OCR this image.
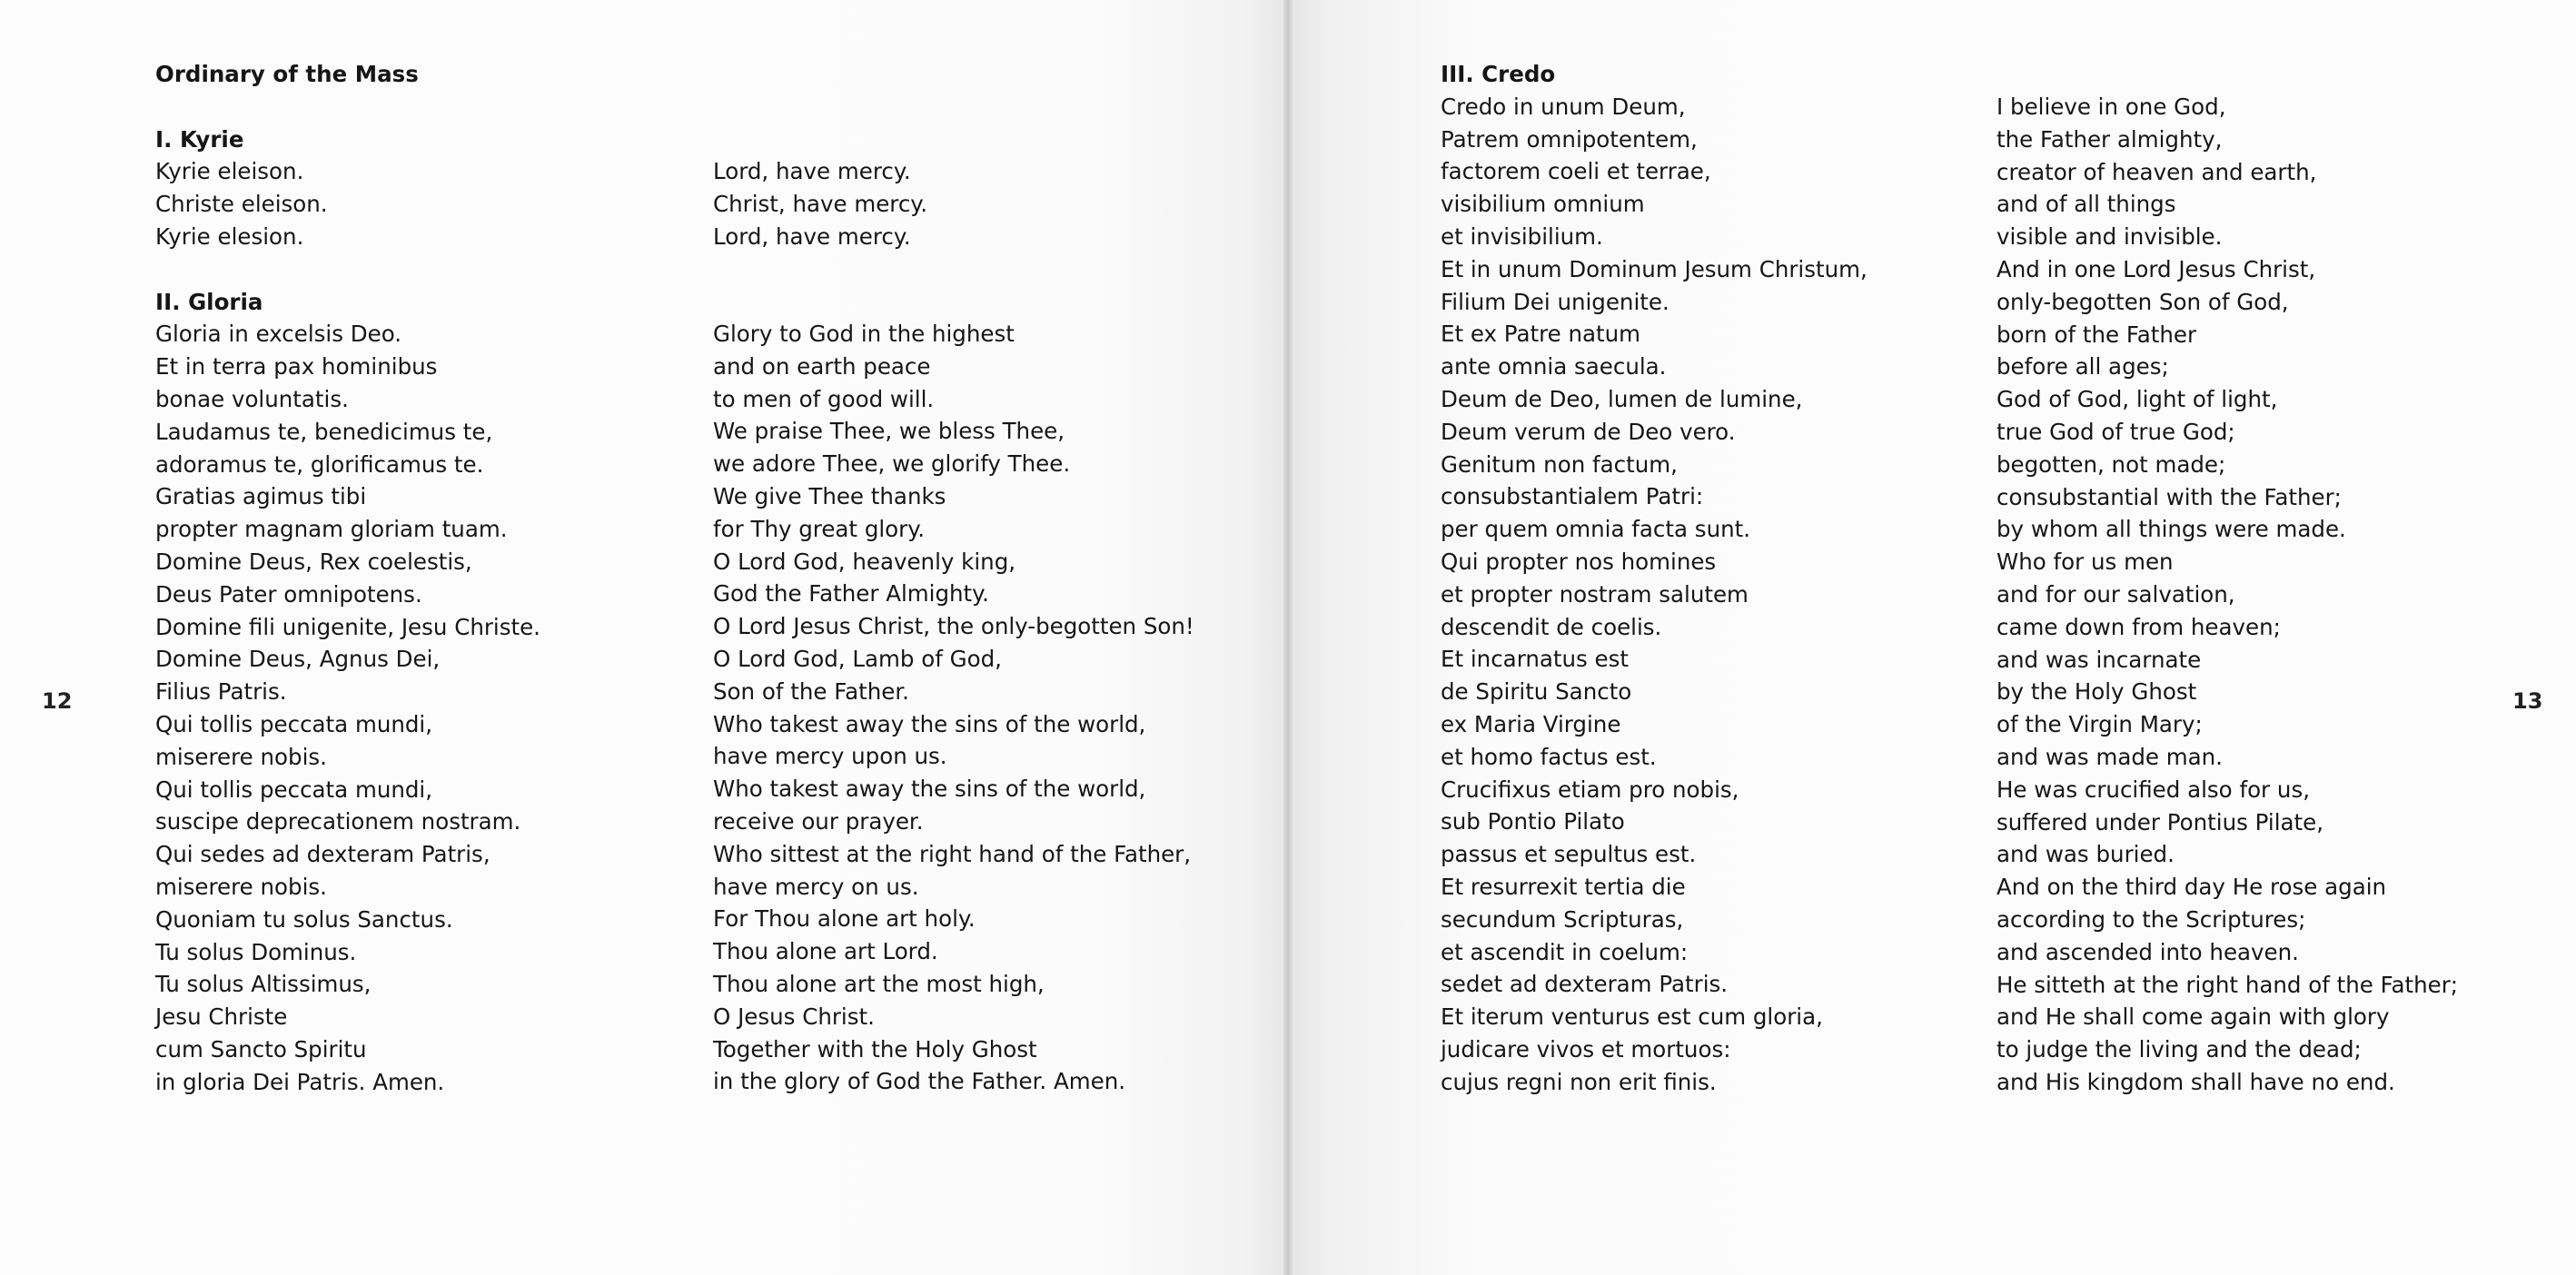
Ordinary of the Mass
I. Kyrie
Kyrie eleison.
Christe eleison.
Kyrie elesion.
II. Gloria
Gloria in excelsis Deo.
Et in terra pax hominibus
bonae voluntatis.
Laudamus te, benedicimus te,
adoramus te, glorificamus te.
Gratias agimus tibi
propter magnam gloriam tuam.
Domine Deus, Rex coelestis,
Deus Pater omnipotens.
Domine fili unigenite, Jesu Christe.
Domine Deus, Agnus Dei,
Filius Patris.
Qui tollis peccata mundi,
miserere nobis.
Qui tollis peccata mundi,
suscipe deprecationem nostram.
Qui sedes ad dexteram Patris,
miserere nobis.
Quoniam tu solus Sanctus.
Tu solus Dominus.
Tu solus Altissimus,
Jesu Christe
cum Sancto Spiritu
in gloria Dei Patris. Amen.
Lord, have mercy.
Christ, have mercy.
Lord, have mercy.
Glory to God in the highest
and on earth peace
to men of good will.
We praise Thee, we bless Thee,
we adore Thee, we glorify Thee.
We give Thee thanks
for Thy great glory.
O Lord God, heavenly king,
God the Father Almighty.
O Lord Jesus Christ, the only-begotten Son!
O Lord God, Lamb of God,
Son of the Father.
Who takest away the sins of the world,
have mercy upon us.
Who takest away the sins of the world,
receive our prayer.
Who sittest at the right hand of the Father,
have mercy on us.
For Thou alone art holy.
Thou alone art Lord.
Thou alone art the most high,
O Jesus Christ.
Together with the Holy Ghost
in the glory of God the Father. Amen.
12
III. Credo
Credo in unum Deum,
Patrem omnipotentem,
factorem coeli et terrae,
visibilium omnium
et invisibilium.
Et in unum Dominum Jesum Christum,
Filium Dei unigenite.
Et ex Patre natum
ante omnia saecula.
Deum de Deo, lumen de lumine,
Deum verum de Deo vero.
Genitum non factum,
consubstantialem Patri:
per quem omnia facta sunt.
Qui propter nos homines
et propter nostram salutem
descendit de coelis.
Et incarnatus est
de Spiritu Sancto
ex Maria Virgine
et homo factus est.
Crucifixus etiam pro nobis,
sub Pontio Pilato
passus et sepultus est.
Et resurrexit tertia die
secundum Scripturas,
et ascendit in coelum:
sedet ad dexteram Patris.
Et iterum venturus est cum gloria,
judicare vivos et mortuos:
cujus regni non erit finis.
I believe in one God,
the Father almighty,
creator of heaven and earth,
and of all things
visible and invisible.
And in one Lord Jesus Christ,
only-begotten Son of God,
born of the Father
before all ages;
God of God, light of light,
true God of true God;
begotten, not made;
consubstantial with the Father;
by whom all things were made.
Who for us men
and for our salvation,
came down from heaven;
and was incarnate
by the Holy Ghost
of the Virgin Mary;
and was made man.
He was crucified also for us,
suffered under Pontius Pilate,
and was buried.
And on the third day He rose again
according to the Scriptures;
and ascended into heaven.
He sitteth at the right hand of the Father;
and He shall come again with glory
to judge the living and the dead;
and His kingdom shall have no end.
13
